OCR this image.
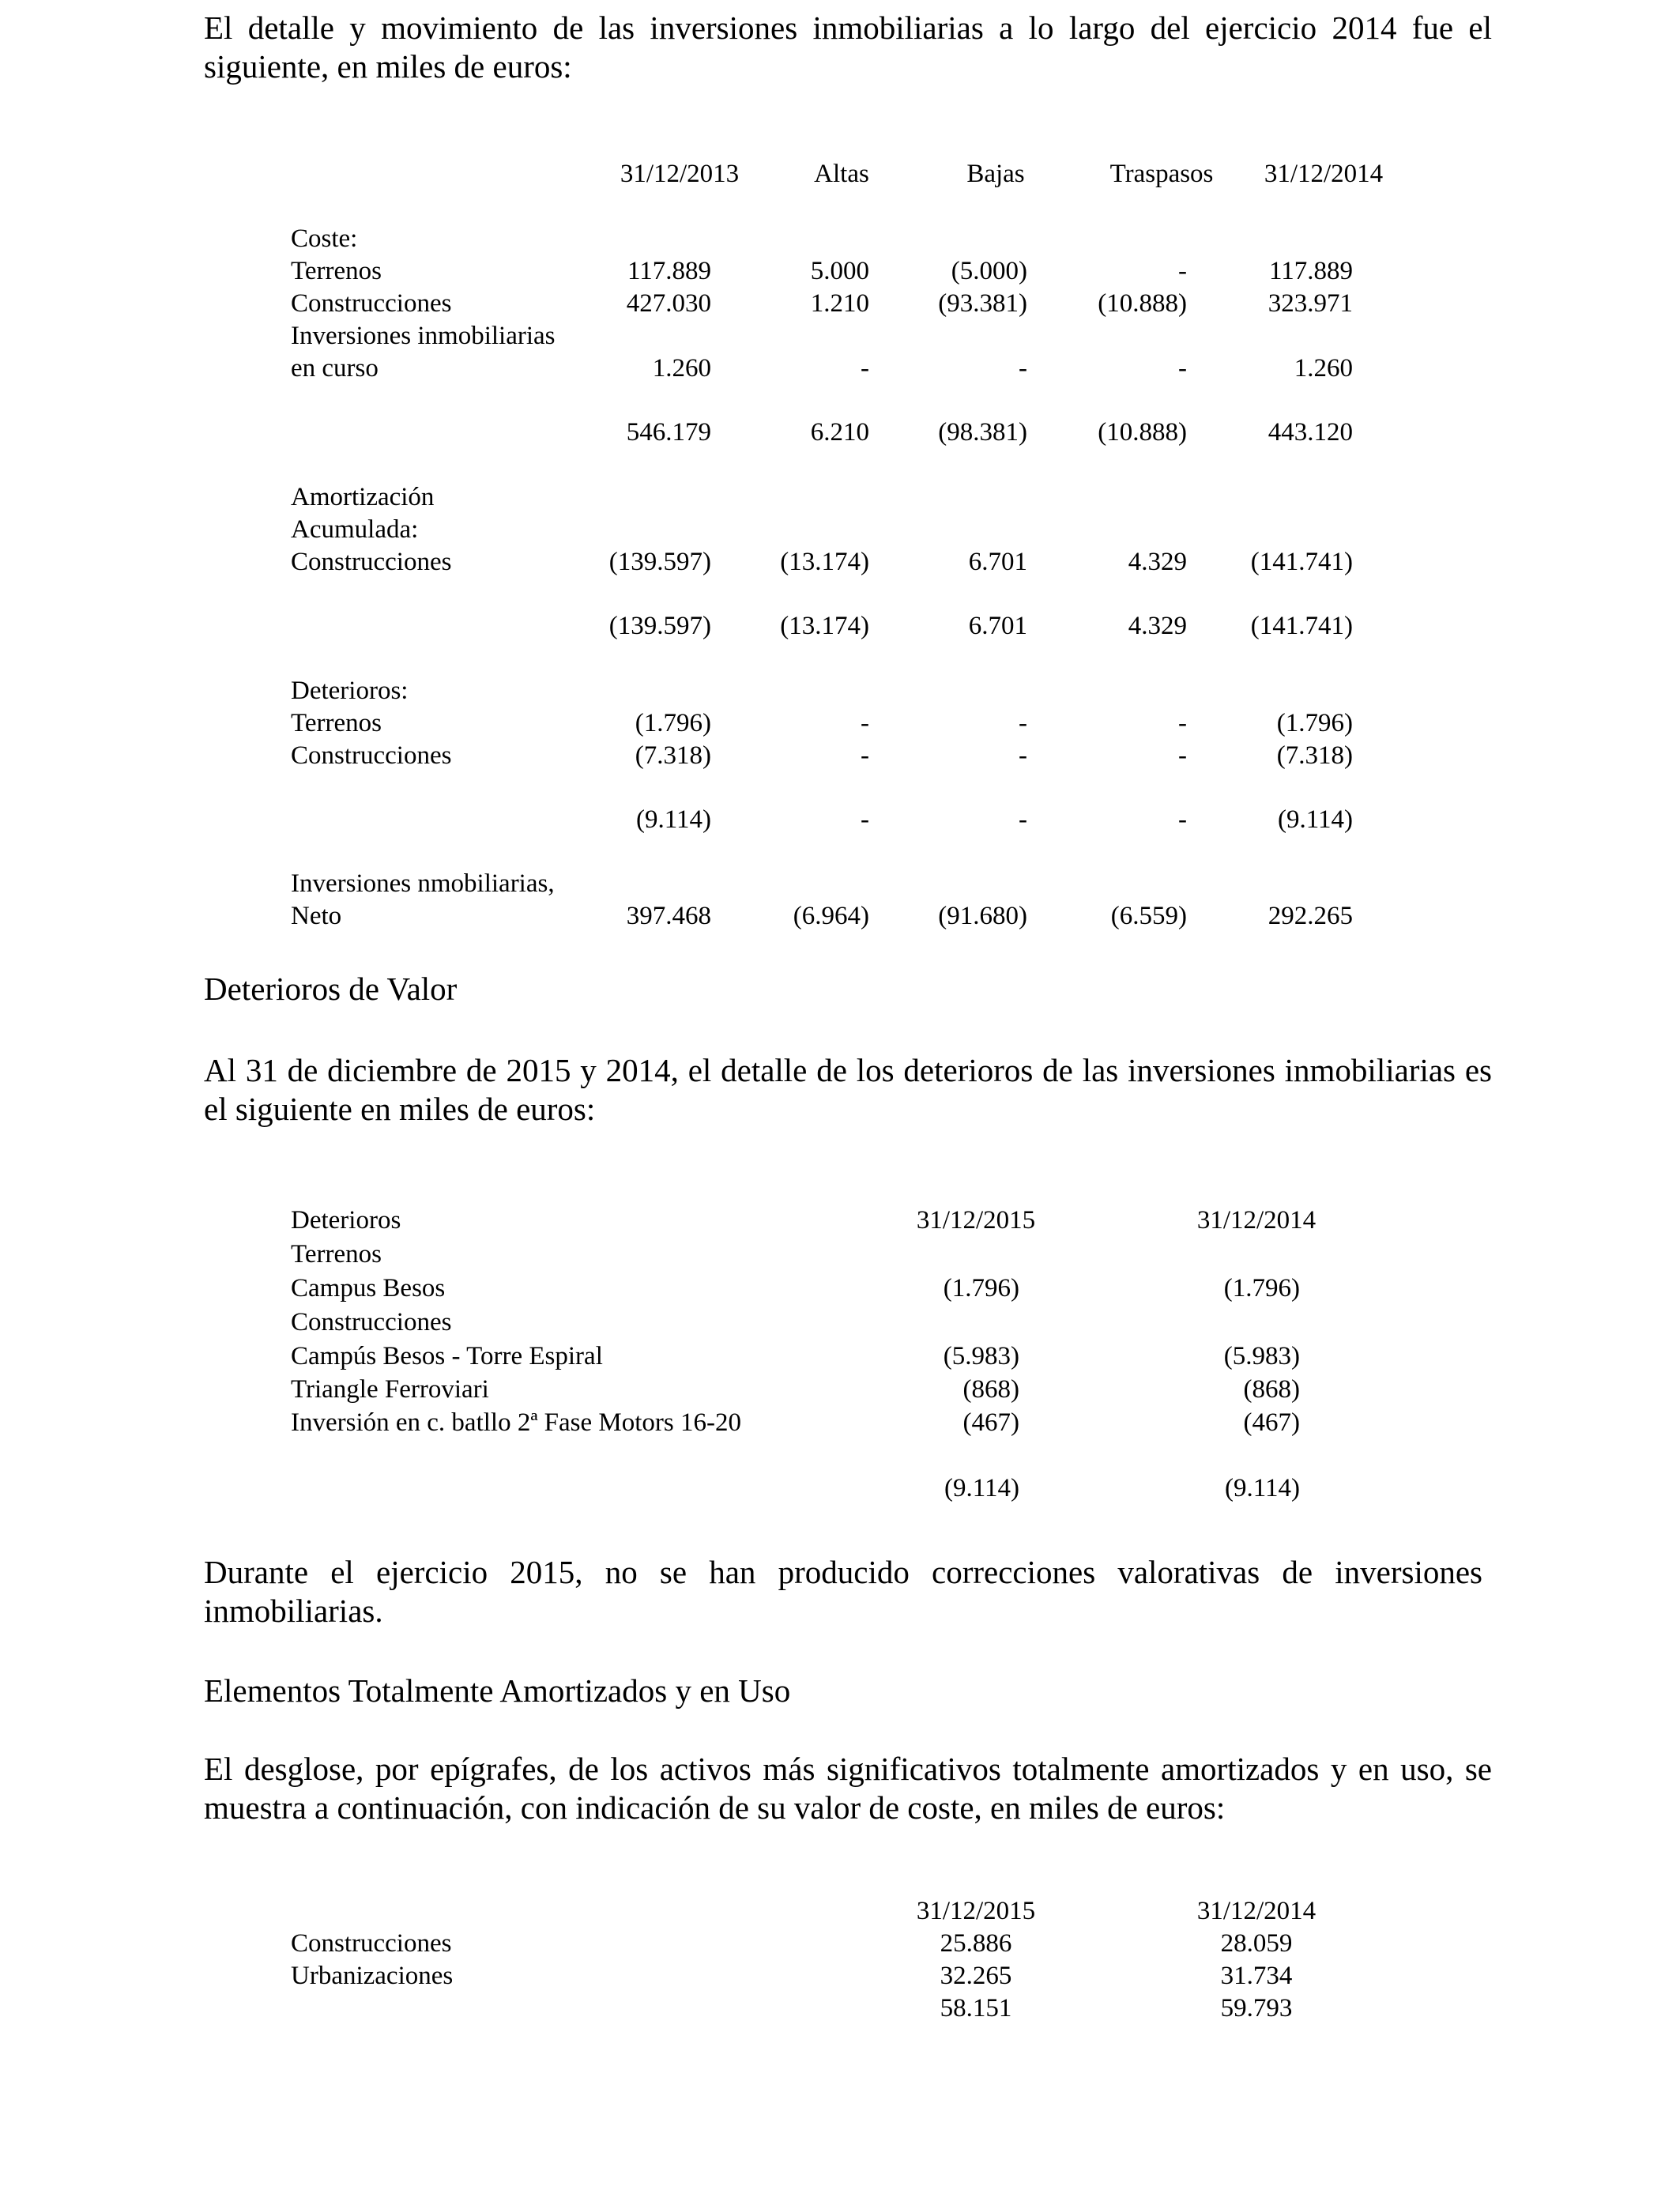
El detalle y movimiento de las inversiones inmobiliarias a lo largo del ejercicio 2014 fue el siguiente, en miles de euros:

31/12/2013	Altas	Bajas	Traspasos	31/12/2014
Coste:
Terrenos	117.889	5.000	(5.000)	-	117.889
Construcciones	427.030	1.210	(93.381)	(10.888)	323.971
Inversiones inmobiliarias
en curso	1.260	-	-	-	1.260
546.179	6.210	(98.381)	(10.888)	443.120
Amortización
Acumulada:
Construcciones	(139.597)	(13.174)	6.701	4.329	(141.741)
(139.597)	(13.174)	6.701	4.329	(141.741)
Deterioros:
Terrenos	(1.796)	-	-	-	(1.796)
Construcciones	(7.318)	-	-	-	(7.318)
(9.114)	-	-	-	(9.114)
Inversiones nmobiliarias,
Neto	397.468	(6.964)	(91.680)	(6.559)	292.265
Deterioros de Valor

Al 31 de diciembre de 2015 y 2014, el detalle de los deterioros de las inversiones inmobiliarias es el siguiente en miles de euros:

Deterioros	31/12/2015	31/12/2014
Terrenos
Campus Besos	(1.796)	(1.796)
Construcciones
Campús Besos - Torre Espiral	(5.983)	(5.983)
Triangle Ferroviari	(868)	(868)
Inversión en c. batllo 2ª Fase Motors 16-20	(467)	(467)
(9.114)	(9.114)

Durante el ejercicio 2015, no se han producido correcciones valorativas de inversiones inmobiliarias.

Elementos Totalmente Amortizados y en Uso

El desglose, por epígrafes, de los activos más significativos totalmente amortizados y en uso, se muestra a continuación, con indicación de su valor de coste, en miles de euros:

31/12/2015	31/12/2014
Construcciones	25.886	28.059
Urbanizaciones	32.265	31.734
58.151	59.793
